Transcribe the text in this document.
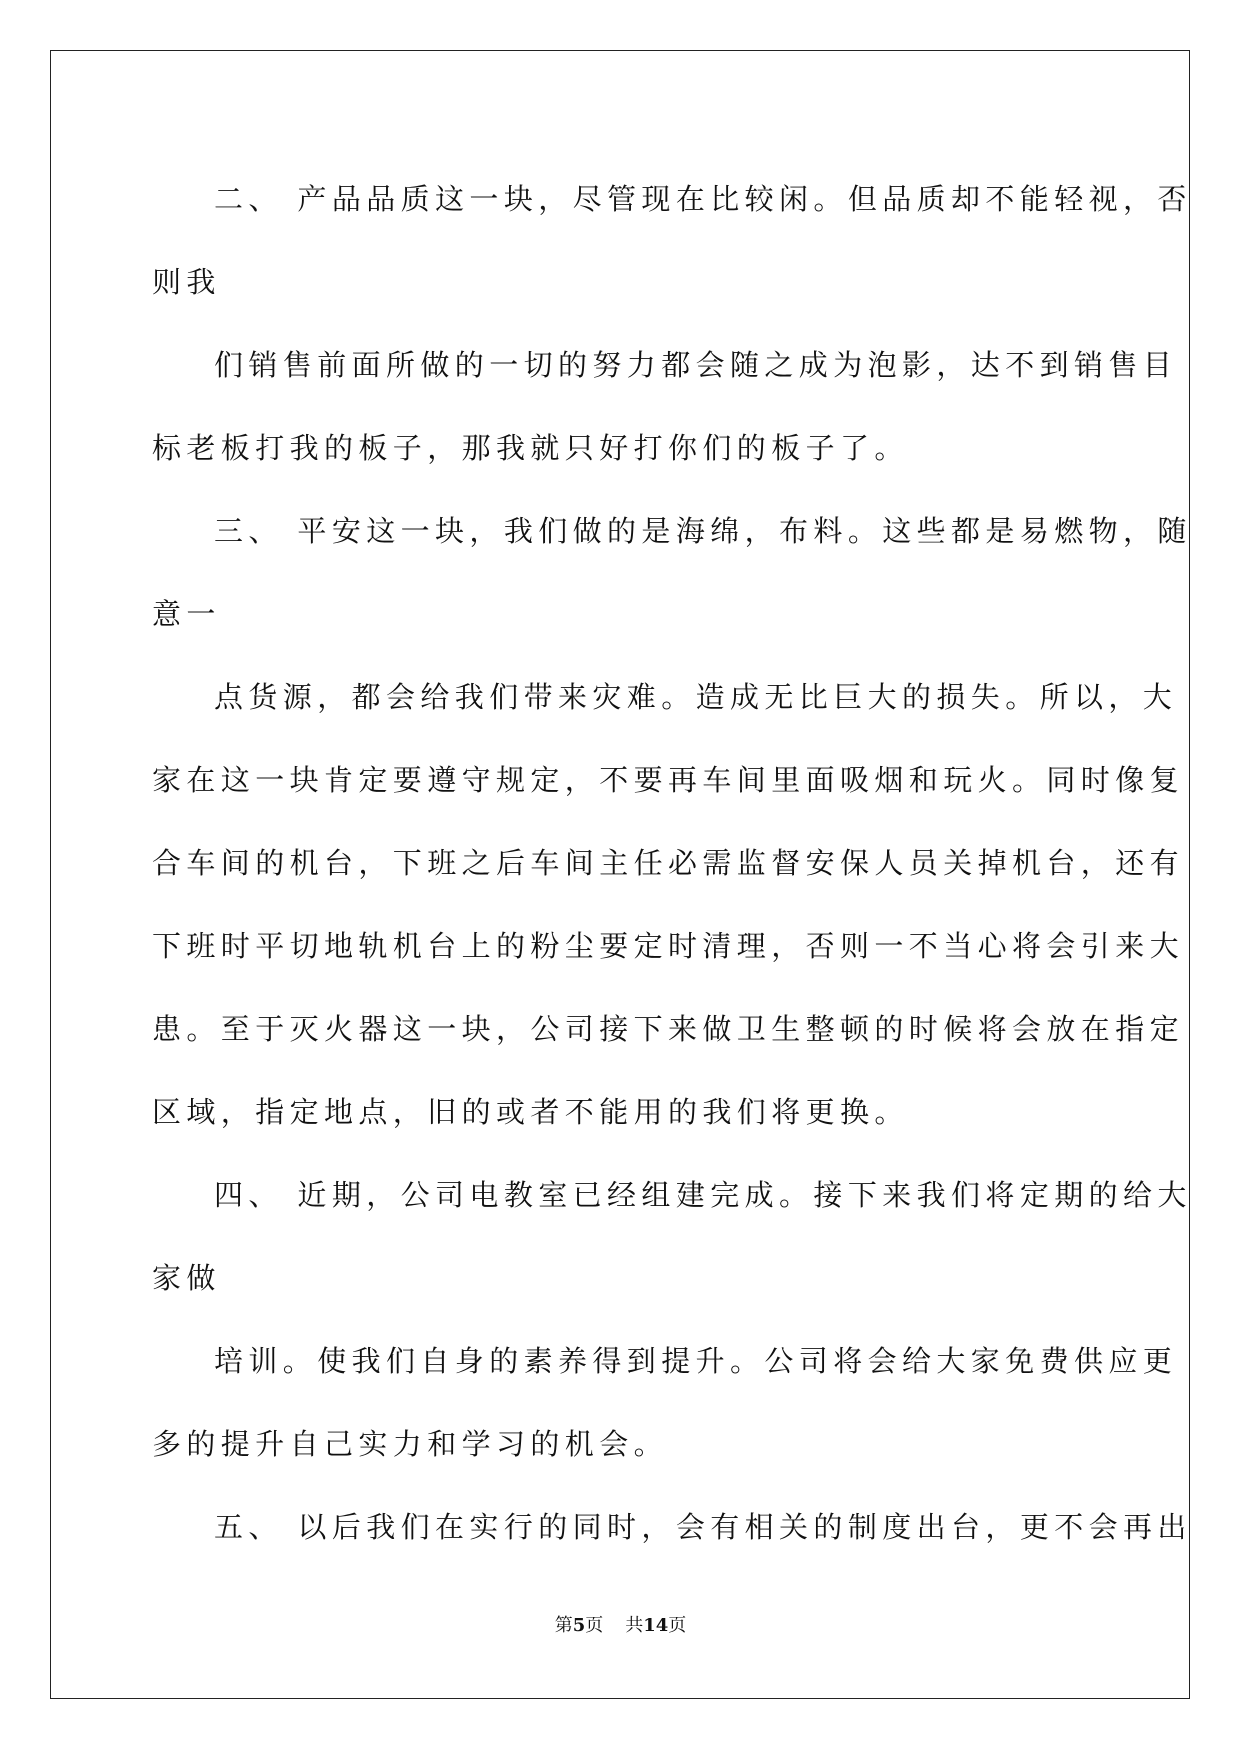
二、 产品品质这一块，尽管现在比较闲。但品质却不能轻视，否

则我

们销售前面所做的一切的努力都会随之成为泡影，达不到销售目

标老板打我的板子，那我就只好打你们的板子了。

三、 平安这一块，我们做的是海绵，布料。这些都是易燃物，随

意一

点货源，都会给我们带来灾难。造成无比巨大的损失。所以，大

家在这一块肯定要遵守规定，不要再车间里面吸烟和玩火。同时像复

合车间的机台，下班之后车间主任必需监督安保人员关掉机台，还有

下班时平切地轨机台上的粉尘要定时清理，否则一不当心将会引来大

患。至于灭火器这一块，公司接下来做卫生整顿的时候将会放在指定

区域，指定地点，旧的或者不能用的我们将更换。

四、 近期，公司电教室已经组建完成。接下来我们将定期的给大

家做

培训。使我们自身的素养得到提升。公司将会给大家免费供应更

多的提升自己实力和学习的机会。

五、 以后我们在实行的同时，会有相关的制度出台，更不会再出

第5页 共14页
